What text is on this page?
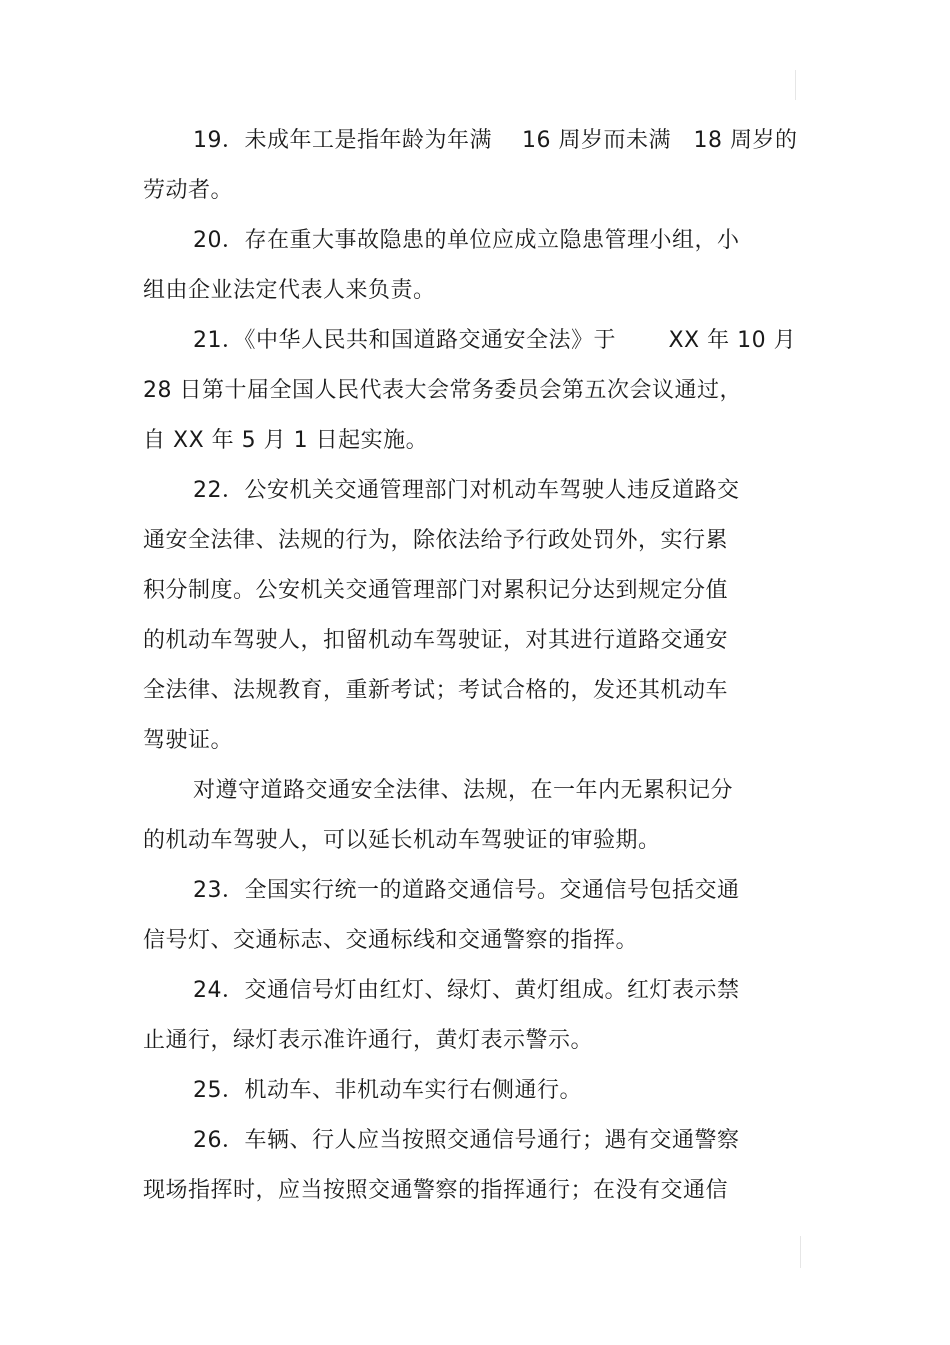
19．未成年工是指年龄为年满　 16 周岁而未满　18 周岁的
劳动者。
20．存在重大事故隐患的单位应成立隐患管理小组，小
组由企业法定代表人来负责。
21．《中华人民共和国道路交通安全法》于　　 XX 年 10 月
28 日第十届全国人民代表大会常务委员会第五次会议通过，
自 XX 年 5 月 1 日起实施。
22．公安机关交通管理部门对机动车驾驶人违反道路交
通安全法律、法规的行为，除依法给予行政处罚外，实行累
积分制度。公安机关交通管理部门对累积记分达到规定分值
的机动车驾驶人，扣留机动车驾驶证，对其进行道路交通安
全法律、法规教育，重新考试；考试合格的，发还其机动车
驾驶证。
对遵守道路交通安全法律、法规，在一年内无累积记分
的机动车驾驶人，可以延长机动车驾驶证的审验期。
23．全国实行统一的道路交通信号。交通信号包括交通
信号灯、交通标志、交通标线和交通警察的指挥。
24．交通信号灯由红灯、绿灯、黄灯组成。红灯表示禁
止通行，绿灯表示准许通行，黄灯表示警示。
25．机动车、非机动车实行右侧通行。
26．车辆、行人应当按照交通信号通行；遇有交通警察
现场指挥时，应当按照交通警察的指挥通行；在没有交通信
